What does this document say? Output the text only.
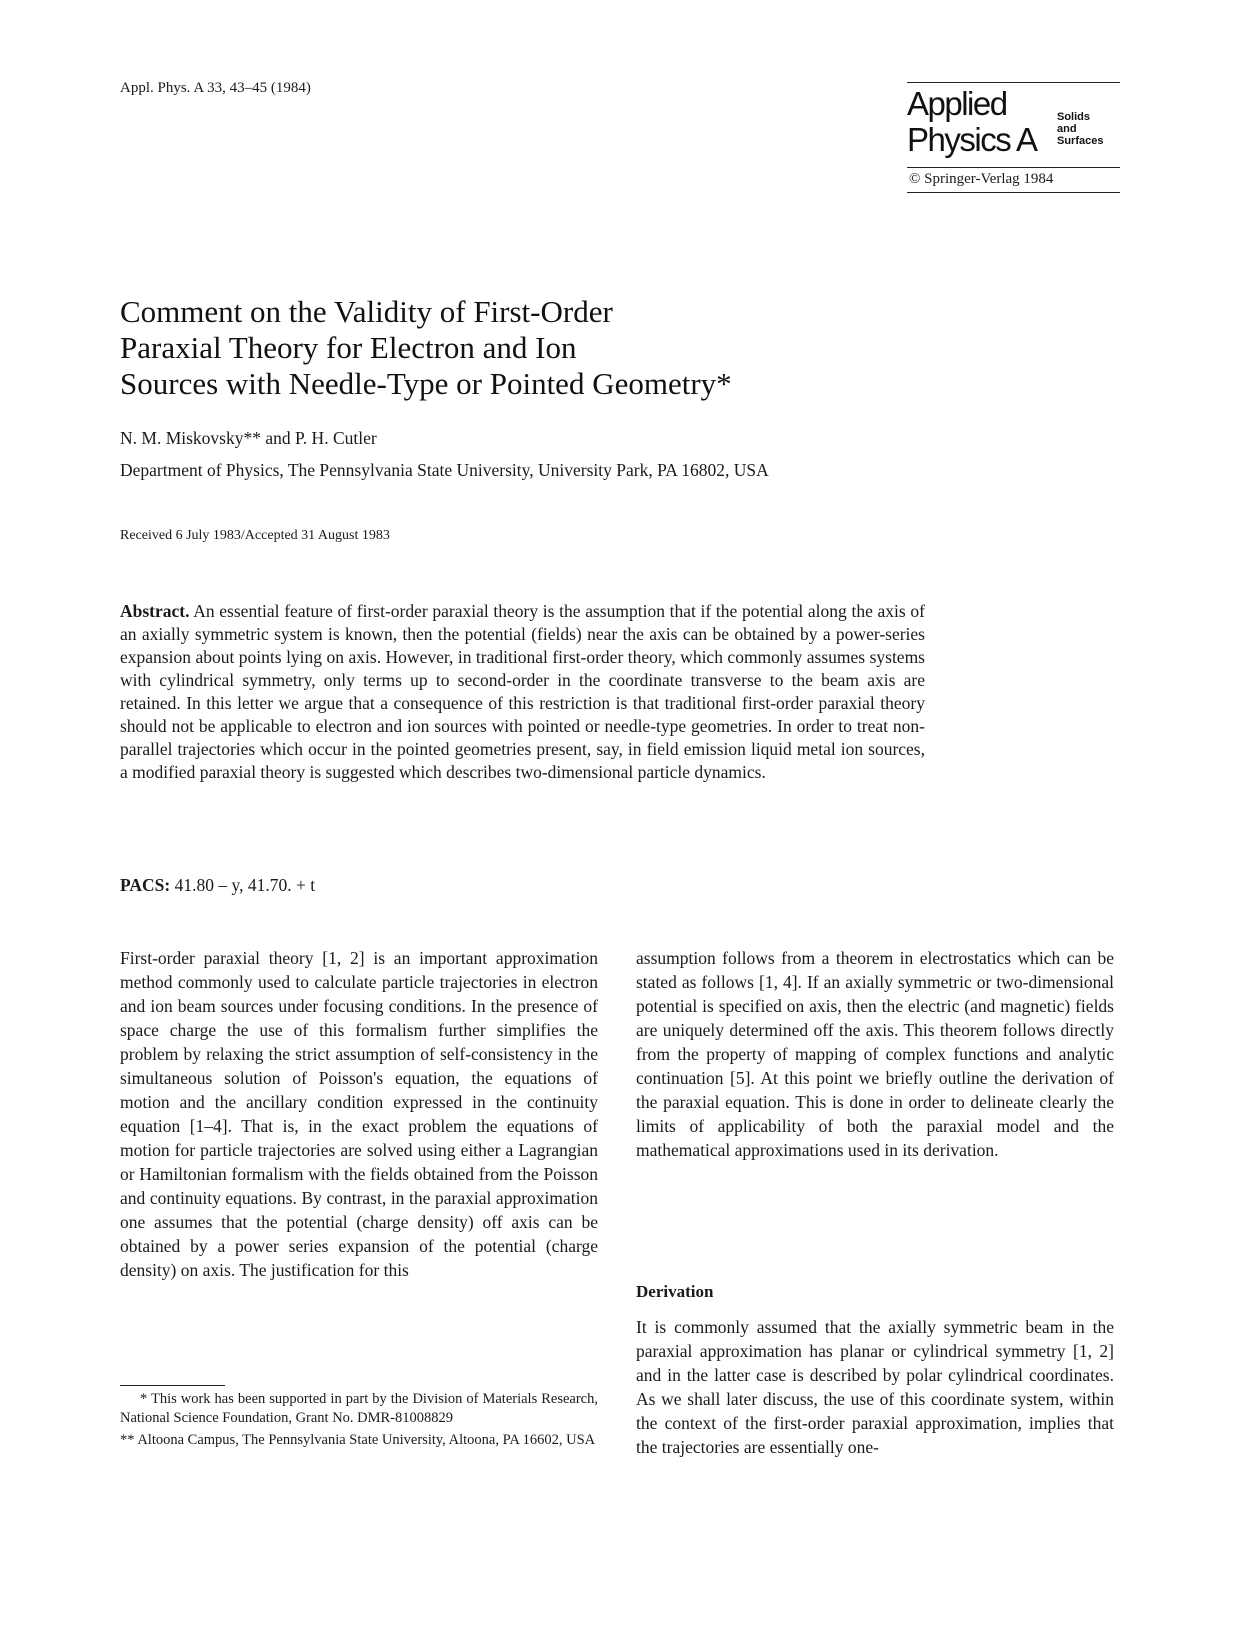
Appl. Phys. A 33, 43–45 (1984)	Applied
Physics A
Solids
and
Surfaces
© Springer-Verlag 1984
Comment on the Validity of First-Order
Paraxial Theory for Electron and Ion
Sources with Needle-Type or Pointed Geometry*
N. M. Miskovsky** and P. H. Cutler
Department of Physics, The Pennsylvania State University, University Park, PA 16802, USA
Received 6 July 1983/Accepted 31 August 1983
Abstract. An essential feature of first-order paraxial theory is the assumption that if the potential along the axis of an axially symmetric system is known, then the potential (fields) near the axis can be obtained by a power-series expansion about points lying on axis. However, in traditional first-order theory, which commonly assumes systems with cylindrical symmetry, only terms up to second-order in the coordinate transverse to the beam axis are retained. In this letter we argue that a consequence of this restriction is that traditional first-order paraxial theory should not be applicable to electron and ion sources with pointed or needle-type geometries. In order to treat non-parallel trajectories which occur in the pointed geometries present, say, in field emission liquid metal ion sources, a modified paraxial theory is suggested which describes two-dimensional particle dynamics.
PACS: 41.80 – y, 41.70. + t
First-order paraxial theory [1, 2] is an important approximation method commonly used to calculate particle trajectories in electron and ion beam sources under focusing conditions. In the presence of space charge the use of this formalism further simplifies the problem by relaxing the strict assumption of self-consistency in the simultaneous solution of Poisson's equation, the equations of motion and the ancillary condition expressed in the continuity equation [1–4]. That is, in the exact problem the equations of motion for particle trajectories are solved using either a Lagrangian or Hamiltonian formalism with the fields obtained from the Poisson and continuity equations. By contrast, in the paraxial approximation one assumes that the potential (charge density) off axis can be obtained by a power series expansion of the potential (charge density) on axis. The justification for this
assumption follows from a theorem in electrostatics which can be stated as follows [1, 4]. If an axially symmetric or two-dimensional potential is specified on axis, then the electric (and magnetic) fields are uniquely determined off the axis. This theorem follows directly from the property of mapping of complex functions and analytic continuation [5]. At this point we briefly outline the derivation of the paraxial equation. This is done in order to delineate clearly the limits of applicability of both the paraxial model and the mathematical approximations used in its derivation.
Derivation
It is commonly assumed that the axially symmetric beam in the paraxial approximation has planar or cylindrical symmetry [1, 2] and in the latter case is described by polar cylindrical coordinates. As we shall later discuss, the use of this coordinate system, within the context of the first-order paraxial approximation, implies that the trajectories are essentially one-

* This work has been supported in part by the Division of Materials Research, National Science Foundation, Grant No. DMR-81008829

** Altoona Campus, The Pennsylvania State University, Altoona, PA 16602, USA
